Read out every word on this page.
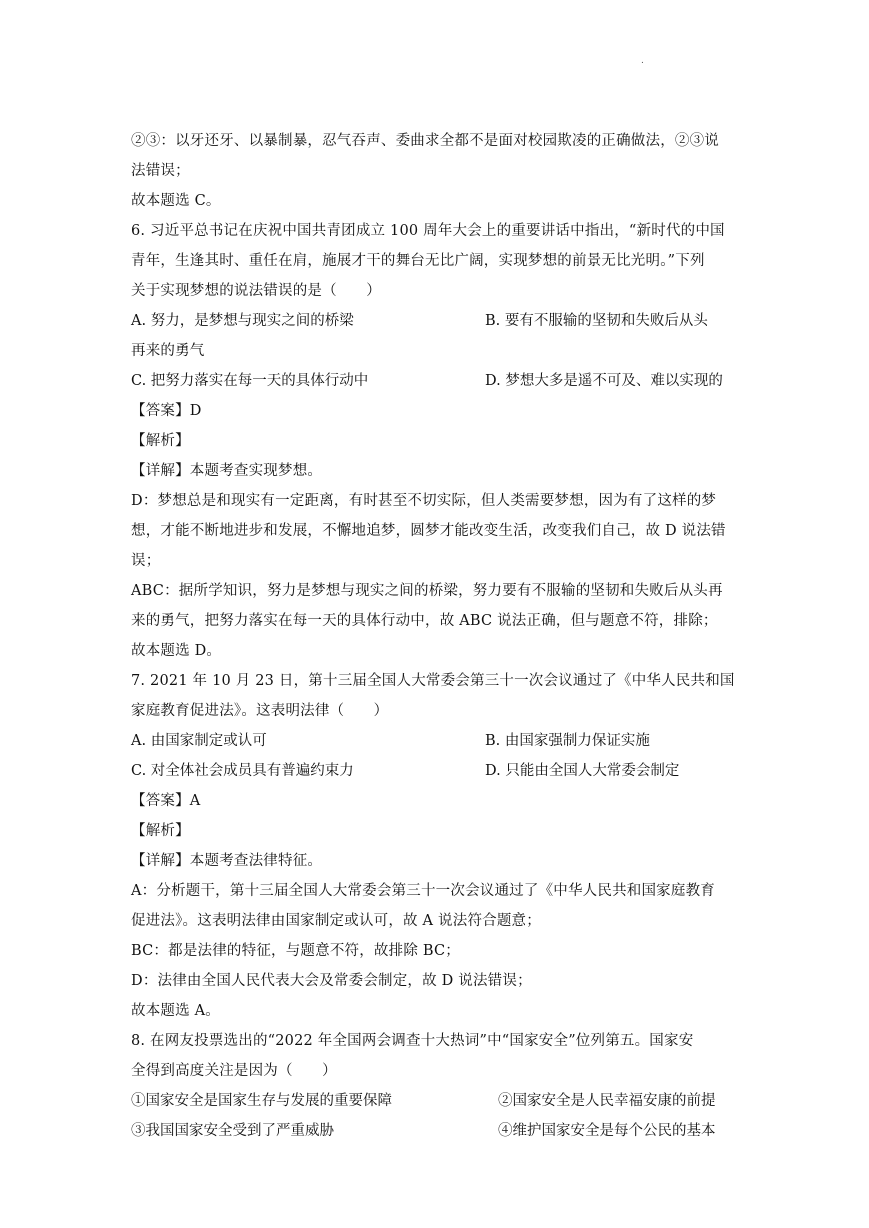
.
②③：以牙还牙、以暴制暴，忍气吞声、委曲求全都不是面对校园欺凌的正确做法，②③说
法错误；
故本题选 C。
6. 习近平总书记在庆祝中国共青团成立 100 周年大会上的重要讲话中指出，“新时代的中国
青年，生逢其时、重任在肩，施展才干的舞台无比广阔，实现梦想的前景无比光明。”下列
关于实现梦想的说法错误的是（　　）
A. 努力，是梦想与现实之间的桥梁	B. 要有不服输的坚韧和失败后从头
再来的勇气
C. 把努力落实在每一天的具体行动中	D. 梦想大多是遥不可及、难以实现的
【答案】D
【解析】
【详解】本题考查实现梦想。
D：梦想总是和现实有一定距离，有时甚至不切实际，但人类需要梦想，因为有了这样的梦
想，才能不断地进步和发展，不懈地追梦，圆梦才能改变生活，改变我们自己，故 D 说法错
误；
ABC：据所学知识，努力是梦想与现实之间的桥梁，努力要有不服输的坚韧和失败后从头再
来的勇气，把努力落实在每一天的具体行动中，故 ABC 说法正确，但与题意不符，排除；
故本题选 D。
7. 2021 年 10 月 23 日，第十三届全国人大常委会第三十一次会议通过了《中华人民共和国
家庭教育促进法》。这表明法律（　　）
A. 由国家制定或认可	B. 由国家强制力保证实施
C. 对全体社会成员具有普遍约束力	D. 只能由全国人大常委会制定
【答案】A
【解析】
【详解】本题考查法律特征。
A：分析题干，第十三届全国人大常委会第三十一次会议通过了《中华人民共和国家庭教育
促进法》。这表明法律由国家制定或认可，故 A 说法符合题意；
BC：都是法律的特征，与题意不符，故排除 BC；
D：法律由全国人民代表大会及常委会制定，故 D 说法错误；
故本题选 A。
8. 在网友投票选出的“2022 年全国两会调查十大热词”中“国家安全”位列第五。国家安
全得到高度关注是因为（　　）
①国家安全是国家生存与发展的重要保障	②国家安全是人民幸福安康的前提
③我国国家安全受到了严重威胁	④维护国家安全是每个公民的基本
